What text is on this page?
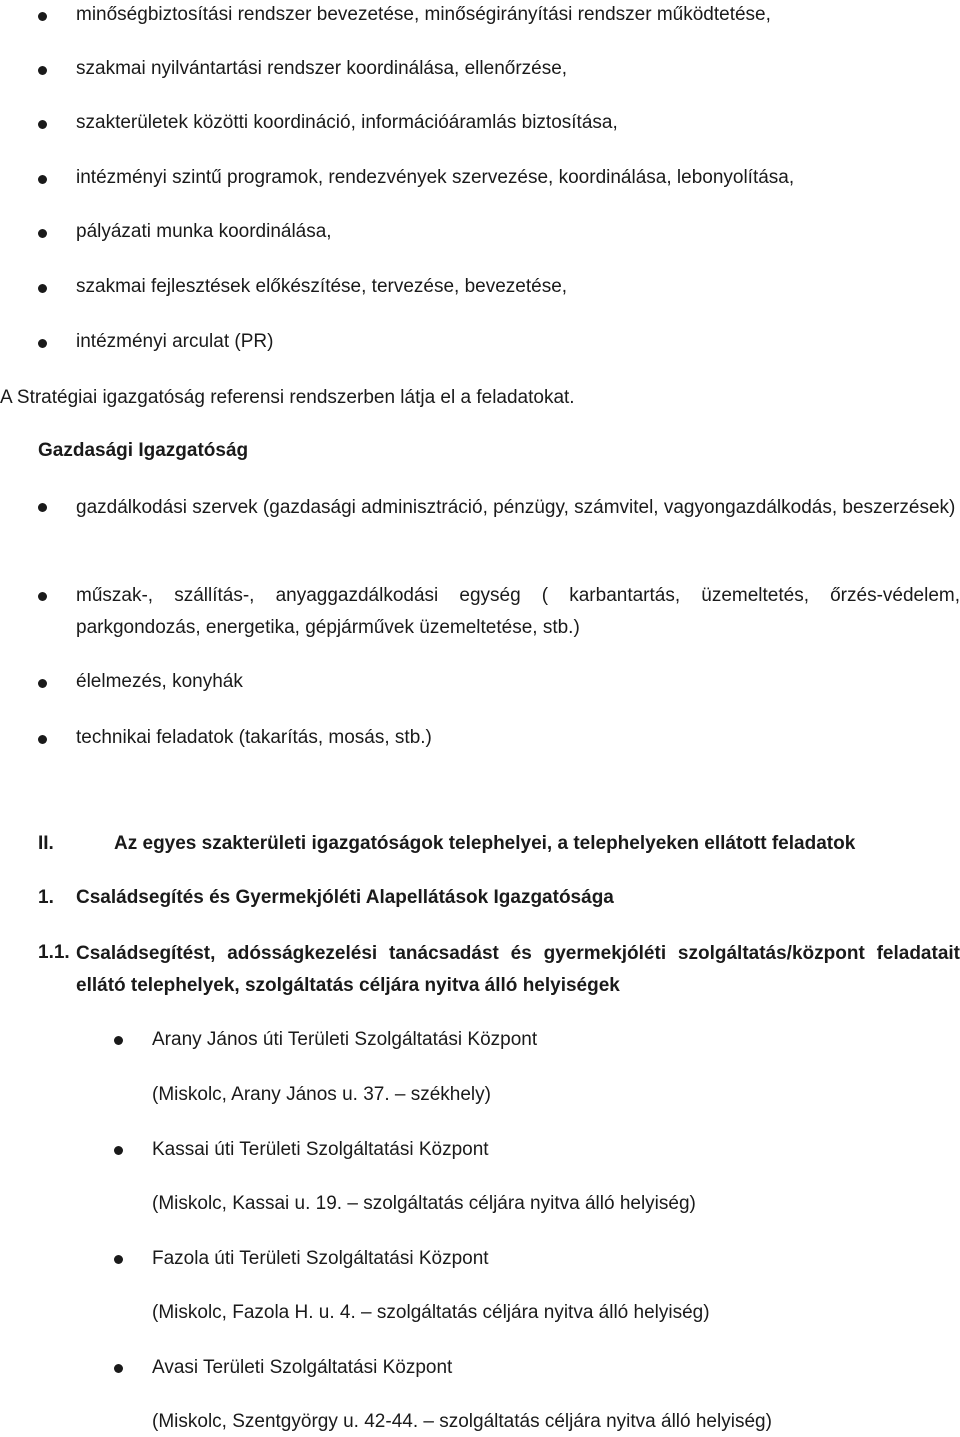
minőségbiztosítási rendszer bevezetése, minőségirányítási rendszer működtetése,
szakmai nyilvántartási rendszer koordinálása, ellenőrzése,
szakterületek közötti koordináció, információáramlás biztosítása,
intézményi szintű programok, rendezvények szervezése, koordinálása, lebonyolítása,
pályázati munka koordinálása,
szakmai fejlesztések előkészítése, tervezése, bevezetése,
intézményi arculat (PR)
A Stratégiai igazgatóság referensi rendszerben látja el a feladatokat.
Gazdasági Igazgatóság
gazdálkodási szervek (gazdasági adminisztráció, pénzügy, számvitel, vagyongazdálkodás, beszerzések)
műszak-, szállítás-, anyaggazdálkodási egység ( karbantartás, üzemeltetés, őrzés-védelem, parkgondozás, energetika, gépjárművek üzemeltetése, stb.)
élelmezés, konyhák
technikai feladatok (takarítás, mosás, stb.)
II.	Az egyes szakterületi igazgatóságok telephelyei, a telephelyeken ellátott feladatok
1.	Családsegítés és Gyermekjóléti Alapellátások Igazgatósága
1.1. Családsegítést, adósságkezelési tanácsadást és gyermekjóléti szolgáltatás/központ feladatait ellátó telephelyek, szolgáltatás céljára nyitva álló helyiségek
Arany János úti Területi Szolgáltatási Központ
(Miskolc, Arany János u. 37. – székhely)
Kassai úti Területi Szolgáltatási Központ
(Miskolc, Kassai u. 19. – szolgáltatás céljára nyitva álló helyiség)
Fazola úti Területi Szolgáltatási Központ
(Miskolc, Fazola H. u. 4. – szolgáltatás céljára nyitva álló helyiség)
Avasi Területi Szolgáltatási Központ
(Miskolc, Szentgyörgy u. 42-44. – szolgáltatás céljára nyitva álló helyiség)
